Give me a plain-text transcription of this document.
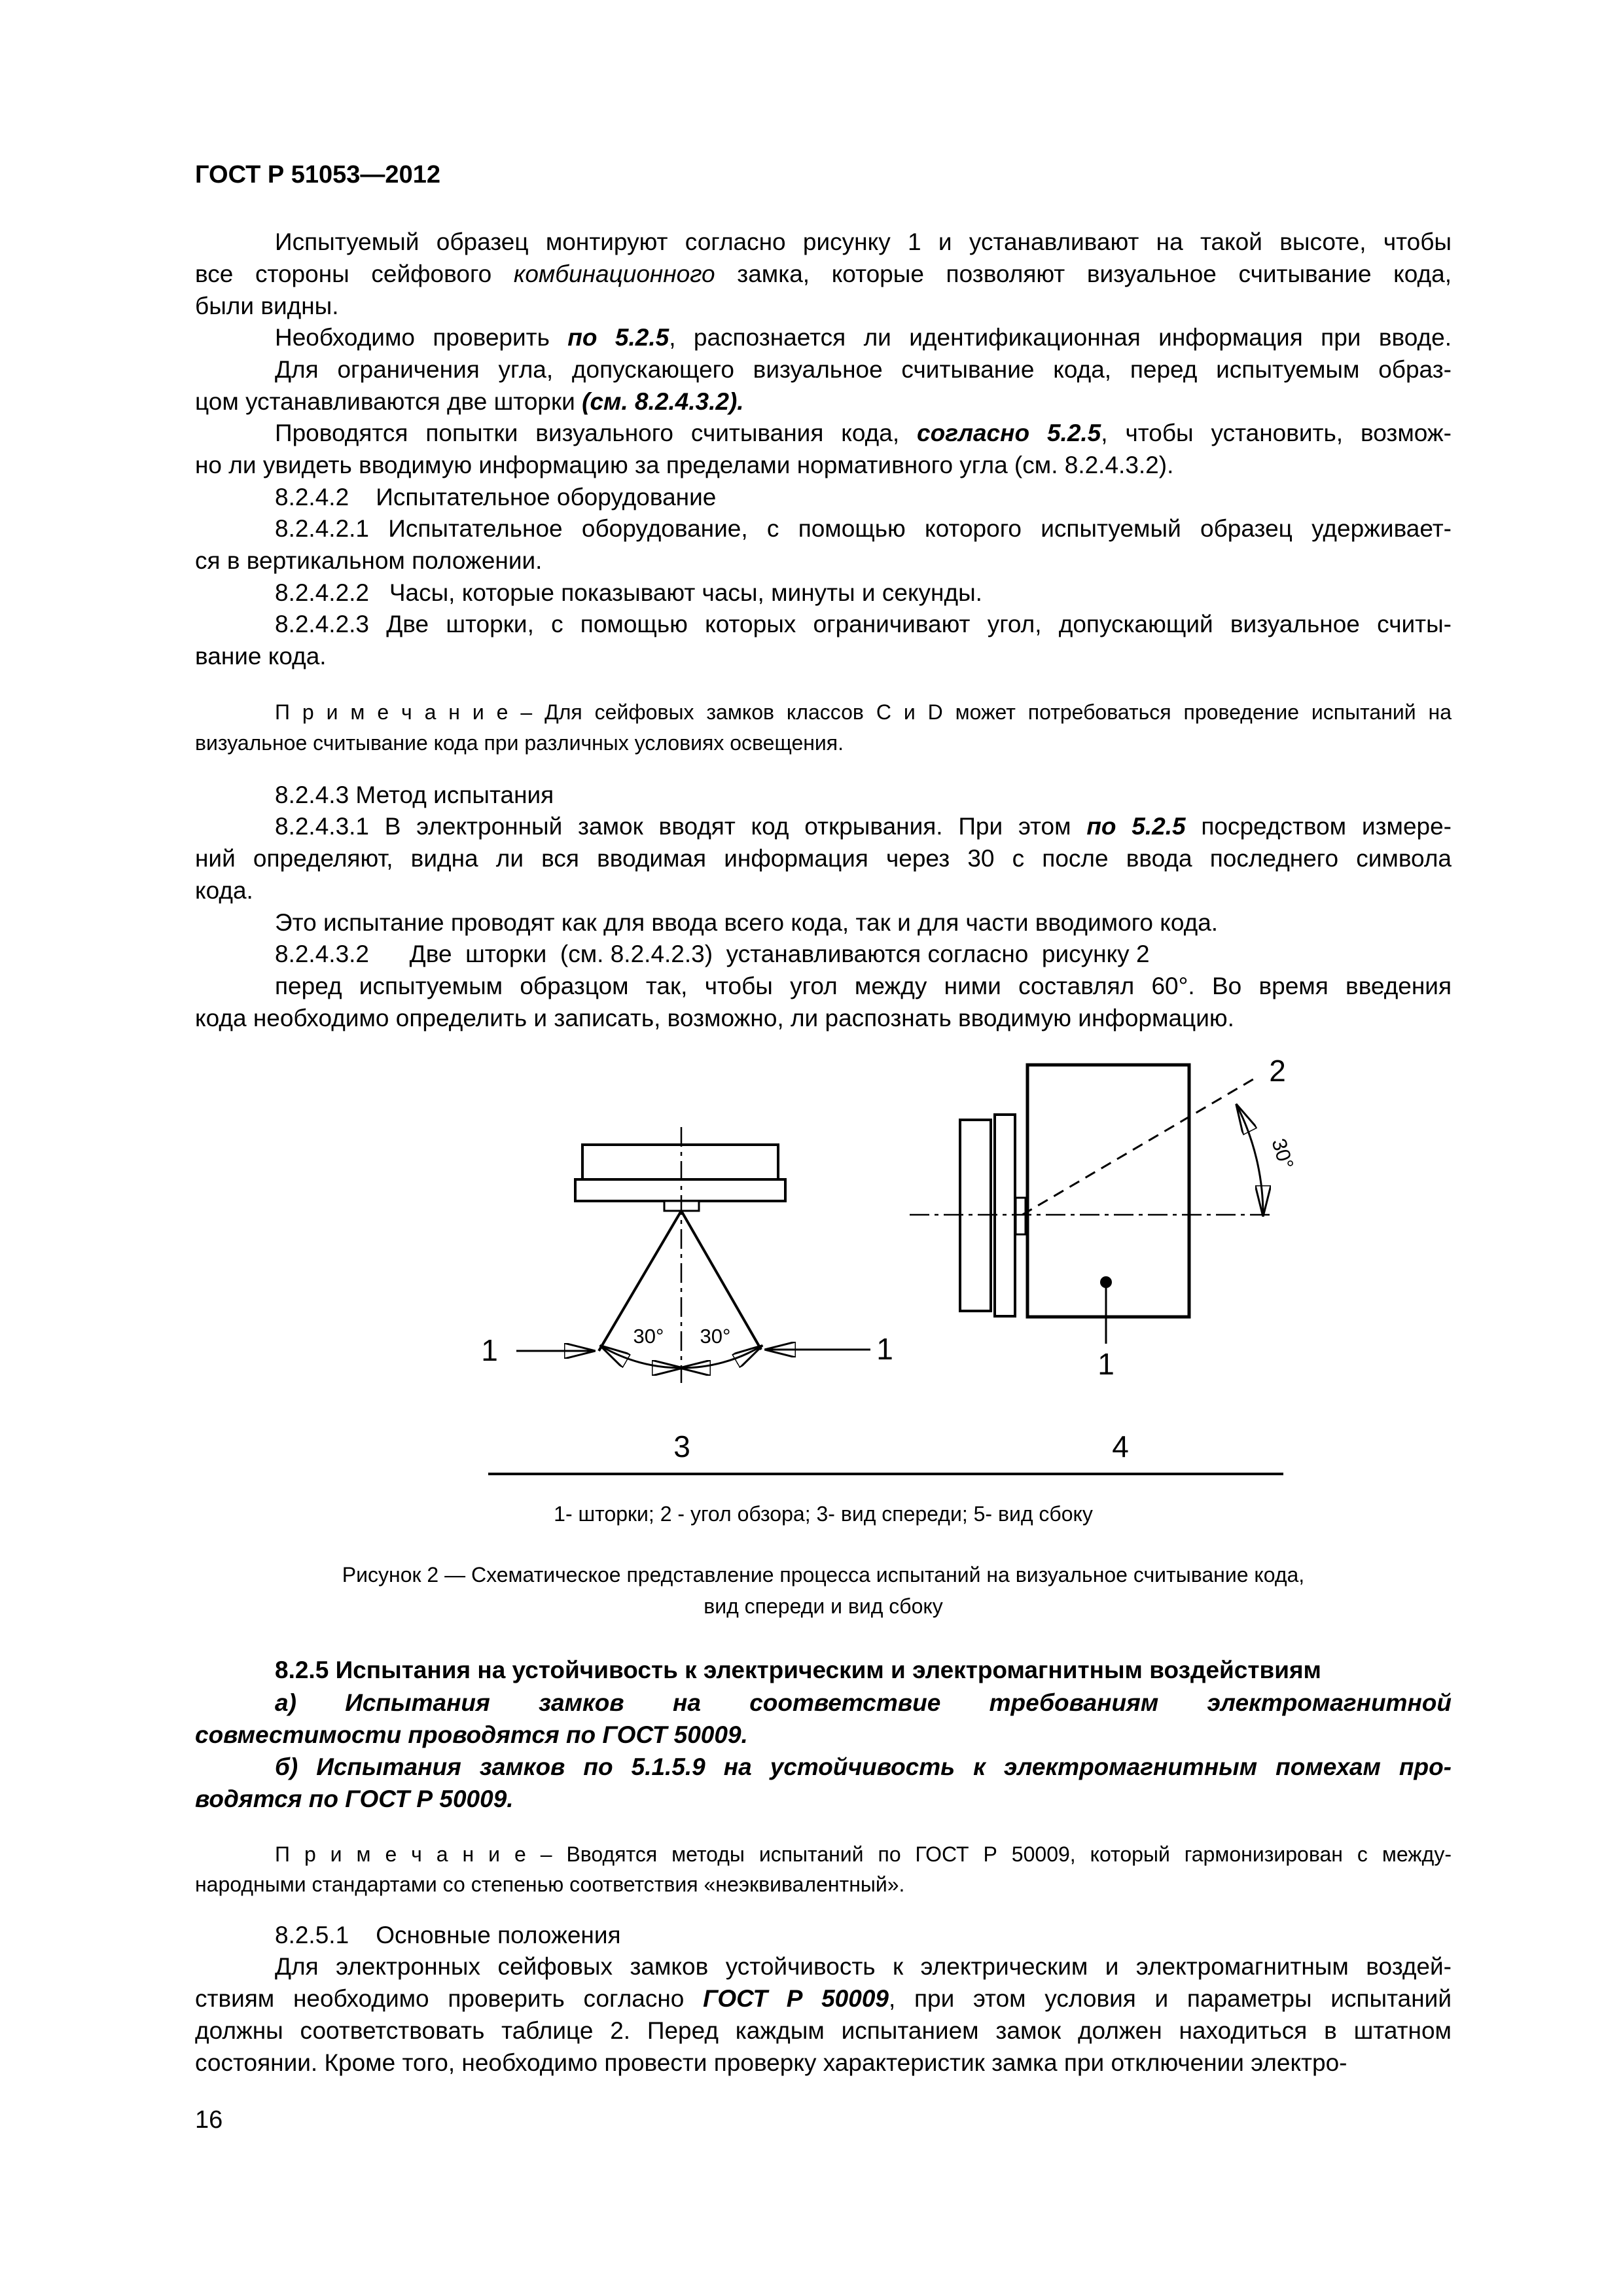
ГОСТ Р 51053—2012
Испытуемый образец монтируют согласно рисунку 1 и устанавливают на такой высоте, чтобы
все стороны сейфового комбинационного замка, которые позволяют визуальное считывание кода,
были видны.
Необходимо проверить по 5.2.5, распознается ли идентификационная информация при вводе.
Для ограничения угла, допускающего визуальное считывание кода, перед испытуемым образ-
цом устанавливаются две шторки (см. 8.2.4.3.2).
Проводятся попытки визуального считывания кода, согласно 5.2.5, чтобы установить, возмож-
но ли увидеть вводимую информацию за пределами нормативного угла (см. 8.2.4.3.2).
8.2.4.2    Испытательное оборудование
8.2.4.2.1 Испытательное оборудование, с помощью которого испытуемый образец удерживает-
ся в вертикальном положении.
8.2.4.2.2   Часы, которые показывают часы, минуты и секунды.
8.2.4.2.3 Две шторки, с помощью которых ограничивают угол, допускающий визуальное считы-
вание кода.
П р и м е ч а н и е – Для сейфовых замков классов С и D может потребоваться проведение испытаний на
визуальное считывание кода при различных условиях освещения.
8.2.4.3 Метод испытания
8.2.4.3.1 В электронный замок вводят код открывания. При этом по 5.2.5 посредством измере-
ний определяют, видна ли вся вводимая информация через 30 с после ввода последнего символа
кода.
Это испытание проводят как для ввода всего кода, так и для части вводимого кода.
8.2.4.3.2      Две  шторки  (см. 8.2.4.2.3)  устанавливаются согласно  рисунку 2
перед испытуемым образцом так, чтобы угол между ними составлял 60°. Во время введения
кода необходимо определить и записать, возможно, ли распознать вводимую информацию.
1- шторки; 2 - угол обзора; 3- вид спереди; 5- вид сбоку
Рисунок 2 — Схематическое представление процесса испытаний на визуальное считывание кода,
вид спереди и вид сбоку
8.2.5 Испытания на устойчивость к электрическим и электромагнитным воздействиям
а) Испытания замков на соответствие требованиям электромагнитной
совместимости проводятся по ГОСТ 50009.
б) Испытания замков по 5.1.5.9 на устойчивость к электромагнитным помехам про-
водятся по ГОСТ Р 50009.
П р и м е ч а н и е – Вводятся методы испытаний по ГОСТ Р 50009, который гармонизирован с между-
народными стандартами со степенью соответствия «неэквивалентный».
8.2.5.1    Основные положения
Для электронных сейфовых замков устойчивость к электрическим и электромагнитным воздей-
ствиям необходимо проверить согласно ГОСТ Р 50009, при этом условия и параметры испытаний
должны соответствовать таблице 2. Перед каждым испытанием замок должен находиться в штатном
состоянии. Кроме того, необходимо провести проверку характеристик замка при отключении электро-
1	1
30° 30°
3
2
30°
1
4
16
